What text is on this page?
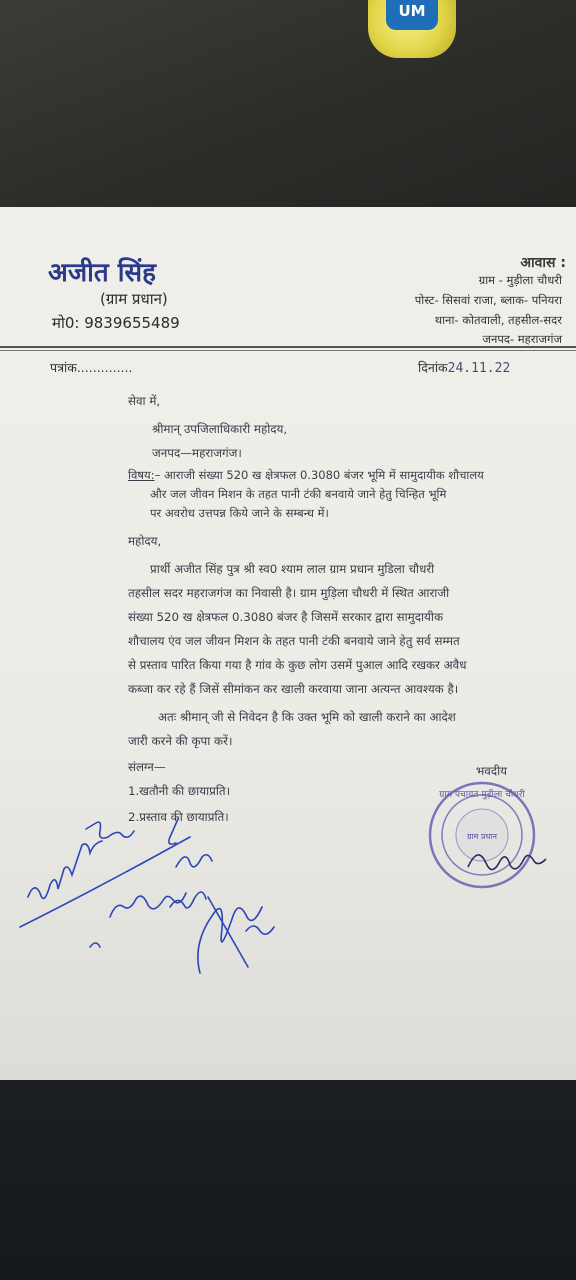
UM
अजीत सिंह
(ग्राम प्रधान)
मो0: 9839655489
आवास :
ग्राम - मुड़ीला चौधरी
पोस्ट- सिसवां राजा, ब्लाक- पनियरा
थाना- कोतवाली, तहसील-सदर
जनपद- महराजगंज
पत्रांक..............	दिनांक24.11.22
सेवा में,
श्रीमान् उपजिलाधिकारी महोदय,
जनपद—महराजगंज।
विषय:– आराजी संख्या 520 ख क्षेत्रफल 0.3080 बंजर भूमि में सामुदायीक शौचालय
और जल जीवन मिशन के तहत पानी टंकी बनवाये जाने हेतु चिन्हित भूमि
पर अवरोध उत्तपन्न किये जाने के सम्बन्ध में।
महोदय,
प्रार्थी अजीत सिंह पुत्र श्री स्व0 श्याम लाल ग्राम प्रधान मुडिला चौधरी
तहसील सदर महराजगंज का निवासी है। ग्राम मुड़िला चौधरी में स्थित आराजी
संख्या 520 ख क्षेत्रफल 0.3080 बंजर है जिसमें सरकार द्वारा सामुदायीक
शौचालय एंव जल जीवन मिशन के तहत पानी टंकी बनवाये जाने हेतु सर्व सम्मत
से प्रस्ताव पारित किया गया है गांव के कुछ लोग उसमें पुआल आदि रखकर अवैध
कब्जा कर रहे हैं जिसें सीमांकन कर खाली करवाया जाना अत्यन्त आवश्यक है।
अतः श्रीमान् जी से निवेदन है कि उक्त भूमि को खाली कराने का आदेश
जारी करने की कृपा करें।
संलग्न—	भवदीय
1.खतौनी की छायाप्रति।
2.प्रस्ताव की छायाप्रति।
ग्राम पंचायत मुड़ीला चौधरी
ग्राम प्रधान
